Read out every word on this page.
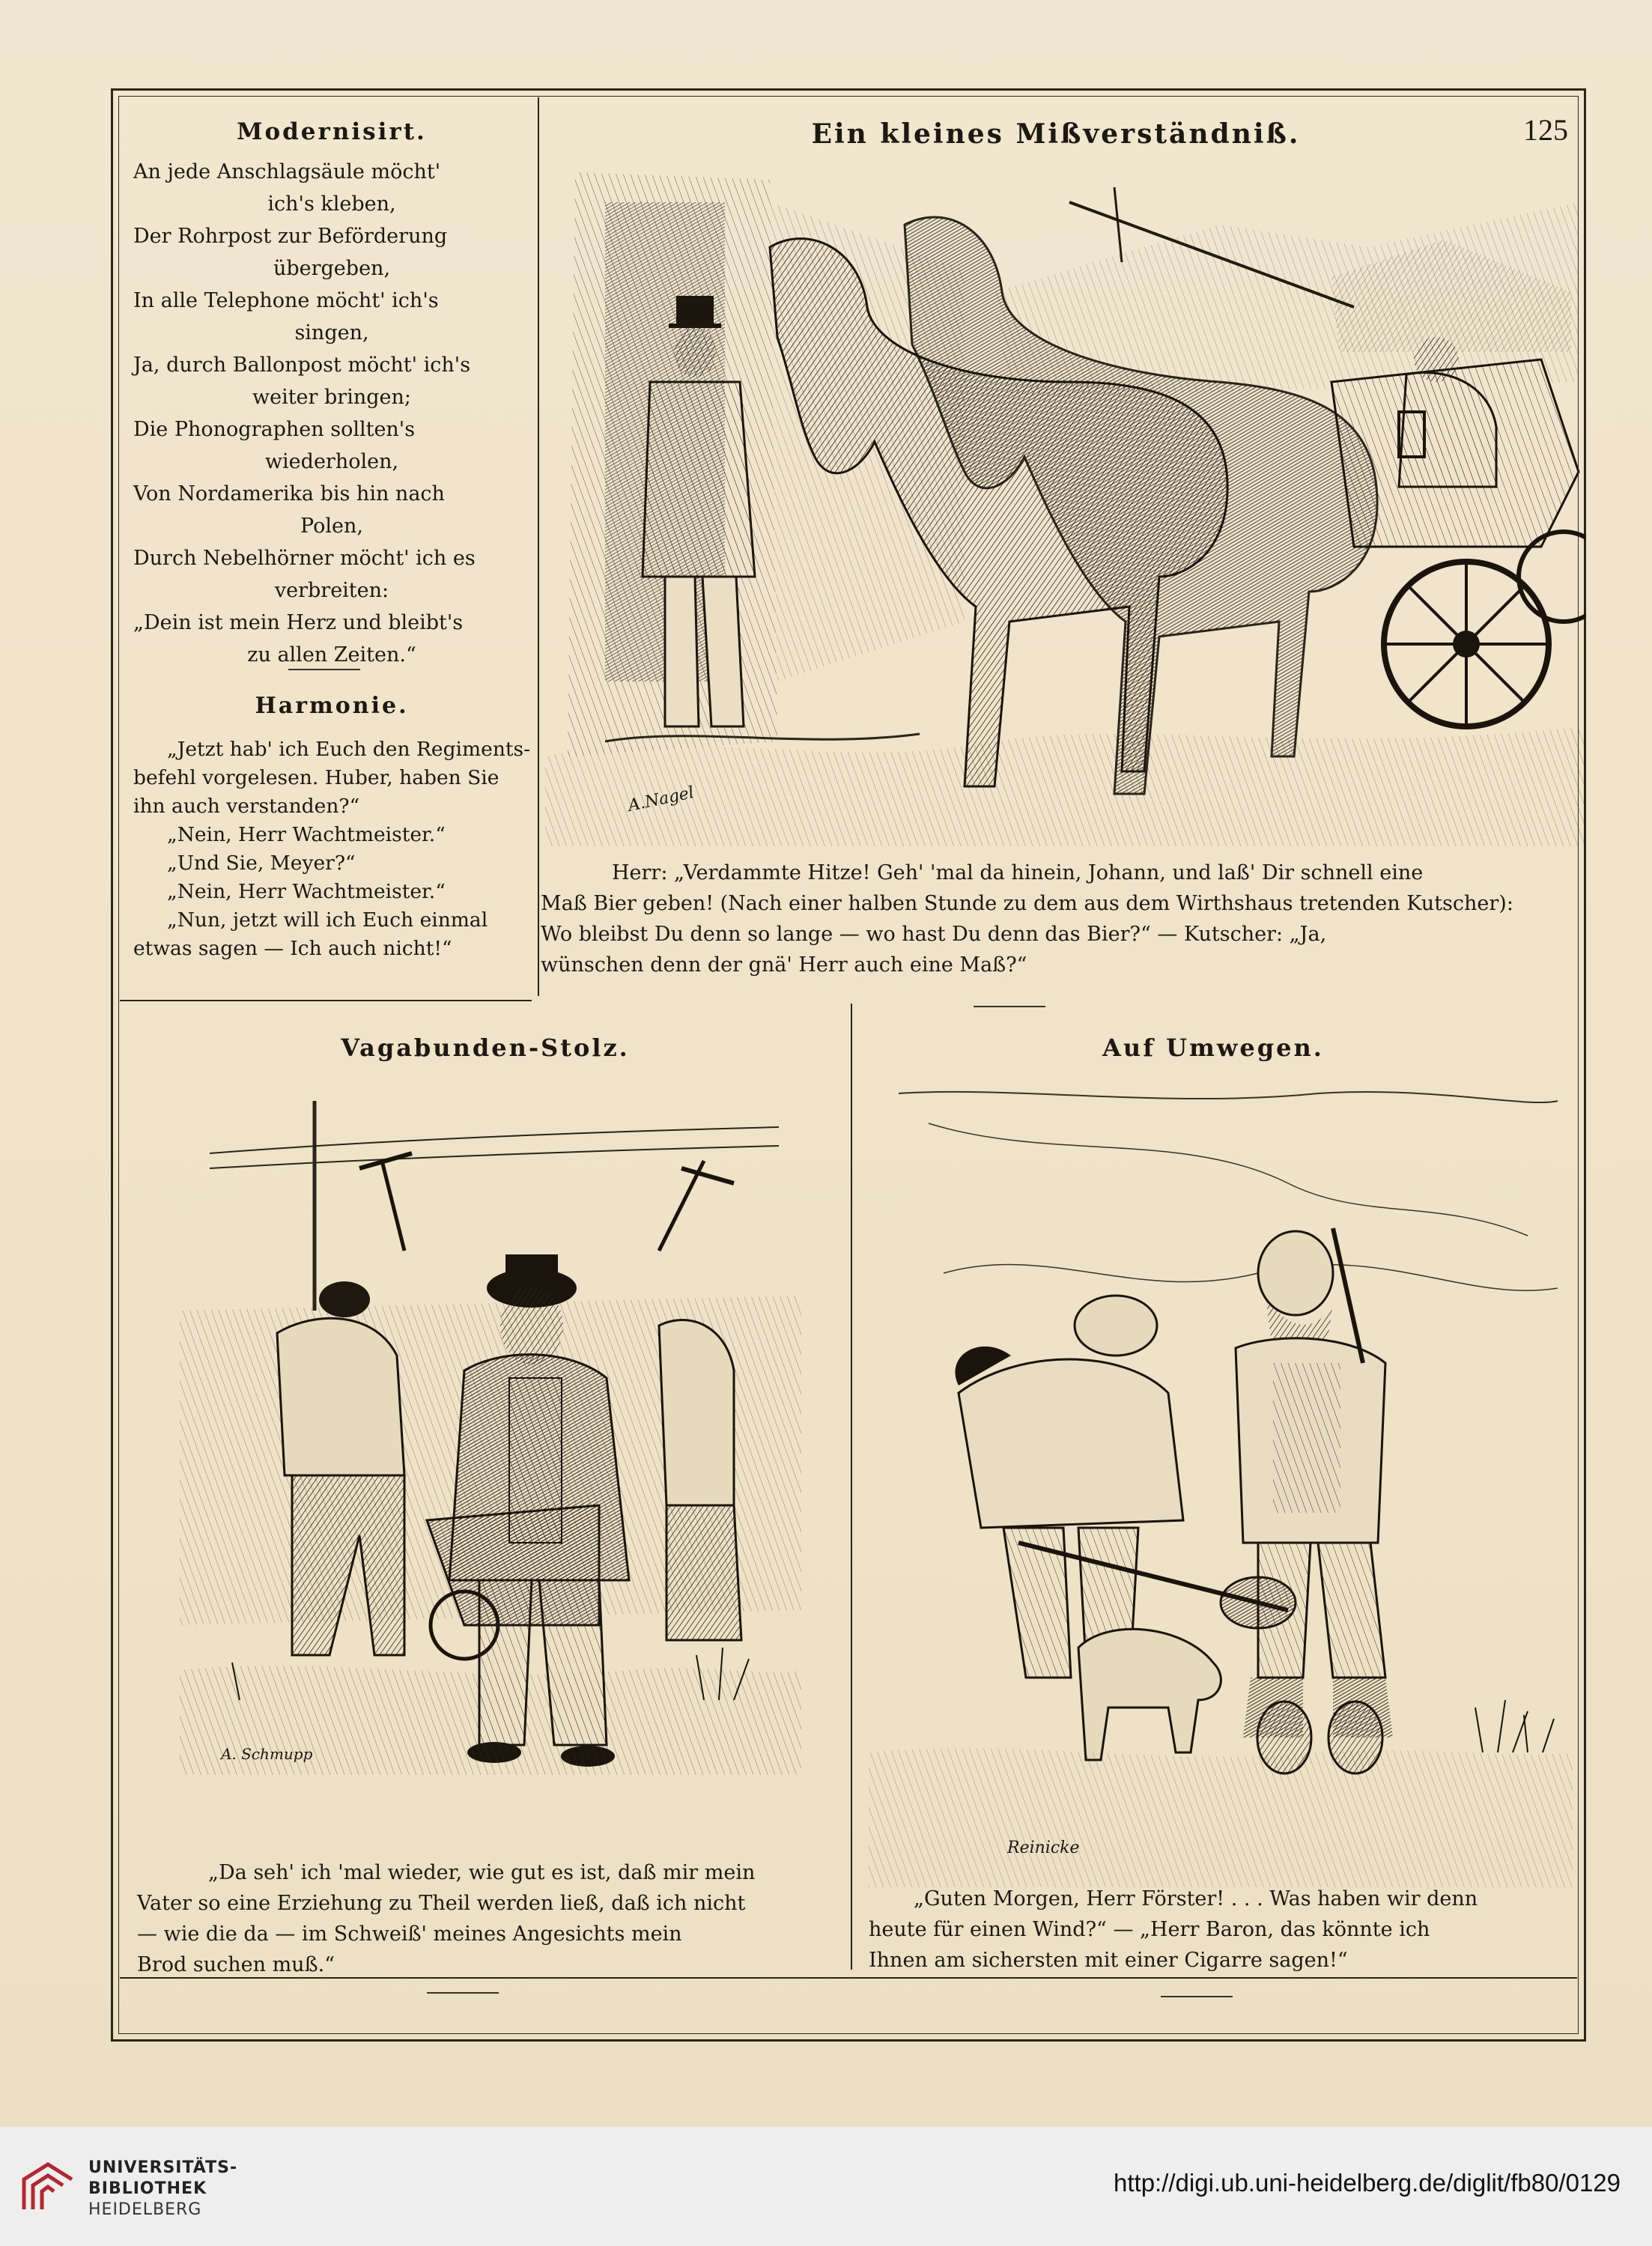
125
Modernisirt.
An jede Anschlagsäule möcht'
ich's kleben,
Der Rohrpost zur Beförderung
übergeben,
In alle Telephone möcht' ich's
singen,
Ja, durch Ballonpost möcht' ich's
weiter bringen;
Die Phonographen sollten's
wiederholen,
Von Nordamerika bis hin nach
Polen,
Durch Nebelhörner möcht' ich es
verbreiten:
„Dein ist mein Herz und bleibt's
zu allen Zeiten.“
Harmonie.
„Jetzt hab' ich Euch den Regiments-
befehl vorgelesen. Huber, haben Sie
ihn auch verstanden?“
„Nein, Herr Wachtmeister.“
„Und Sie, Meyer?“
„Nein, Herr Wachtmeister.“
„Nun, jetzt will ich Euch einmal
etwas sagen — Ich auch nicht!“
Ein kleines Mißverständniß.
A.Nagel
Herr: „Verdammte Hitze! Geh' 'mal da hinein, Johann, und laß' Dir schnell eine
Maß Bier geben! (Nach einer halben Stunde zu dem aus dem Wirthshaus tretenden Kutscher):
Wo bleibst Du denn so lange — wo hast Du denn das Bier?“ — Kutscher: „Ja,
wünschen denn der gnä' Herr auch eine Maß?“
Vagabunden-Stolz.
A. Schmupp
„Da seh' ich 'mal wieder, wie gut es ist, daß mir mein
Vater so eine Erziehung zu Theil werden ließ, daß ich nicht
— wie die da — im Schweiß' meines Angesichts mein
Brod suchen muß.“
Auf Umwegen.
Reinicke
„Guten Morgen, Herr Förster! . . . Was haben wir denn
heute für einen Wind?“ — „Herr Baron, das könnte ich
Ihnen am sichersten mit einer Cigarre sagen!“
UNIVERSITÄTS-
BIBLIOTHEK
HEIDELBERG
http://digi.ub.uni-heidelberg.de/diglit/fb80/0129
